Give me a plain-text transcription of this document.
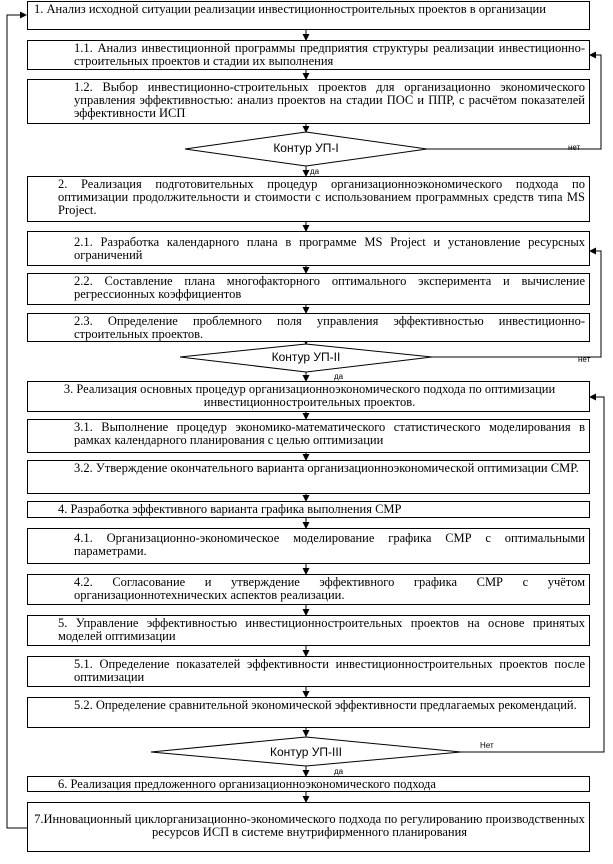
1. Анализ исходной ситуации реализации инвестиционностроительных проектов в организации
1.1. Анализ инвестиционной программы предприятия структуры реализации инвестиционно-строительных проектов и стадии их выполнения
1.2. Выбор инвестиционно-строительных проектов для организационно экономического управления эффективностью: анализ проектов на стадии ПОС и ППР, с расчётом показателей эффективности ИСП
2. Реализация подготовительных процедур организационноэкономического подхода по оптимизации продолжительности и стоимости с использованием программных средств типа MS Project.
2.1. Разработка календарного плана в программе MS Project и установление ресурсных ограничений
2.2. Составление плана многофакторного оптимального эксперимента и вычисление регрессионных коэффициентов
2.3. Определение проблемного поля управления эффективностью инвестиционно-строительных проектов.
3. Реализация основных процедур организационноэкономического подхода по оптимизации инвестиционностроительных проектов.
3.1. Выполнение процедур экономико-математического статистического моделирования в рамках календарного планирования с целью оптимизации
3.2. Утверждение окончательного варианта организационноэкономической оптимизации СМР.
4. Разработка эффективного варианта графика выполнения СМР
4.1. Организационно-экономическое моделирование графика СМР с оптимальными параметрами.
4.2. Согласование и утверждение эффективного графика СМР с учётом организационнотехнических аспектов реализации.
5. Управление эффективностью инвестиционностроительных проектов на основе принятых моделей оптимизации
5.1. Определение показателей эффективности инвестиционностроительных проектов после оптимизации
5.2. Определение сравнительной экономической эффективности предлагаемых рекомендаций.
6. Реализация предложенного организационноэкономического подхода
7.Инновационный циклорганизационно-экономического подхода по регулированию производственных ресурсов ИСП в системе внутрифирменного планирования
Контур УП-I
Контур УП-II
Контур УП-III
да
нет
да
нет
да
Нет
